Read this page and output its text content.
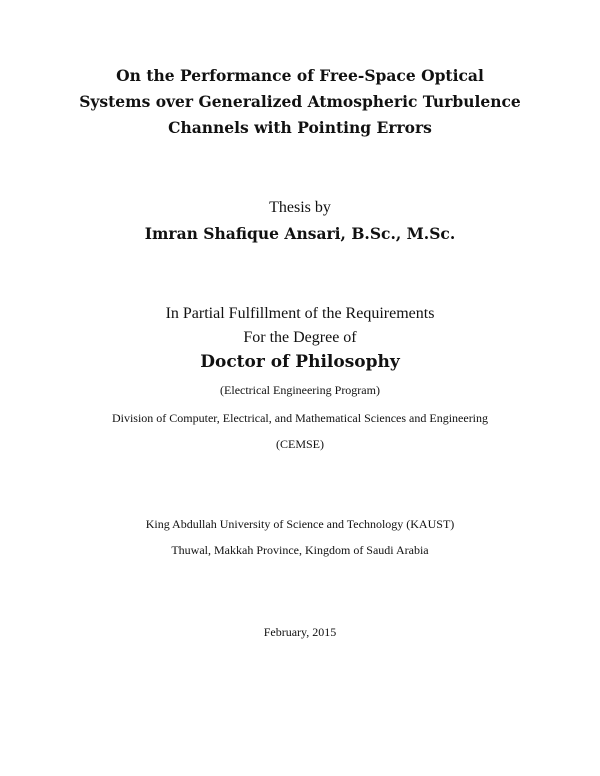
On the Performance of Free-Space Optical
Systems over Generalized Atmospheric Turbulence
Channels with Pointing Errors
Thesis by
Imran Shafique Ansari, B.Sc., M.Sc.
In Partial Fulfillment of the Requirements
For the Degree of
Doctor of Philosophy
(Electrical Engineering Program)
Division of Computer, Electrical, and Mathematical Sciences and Engineering
(CEMSE)
King Abdullah University of Science and Technology (KAUST)
Thuwal, Makkah Province, Kingdom of Saudi Arabia
February, 2015
